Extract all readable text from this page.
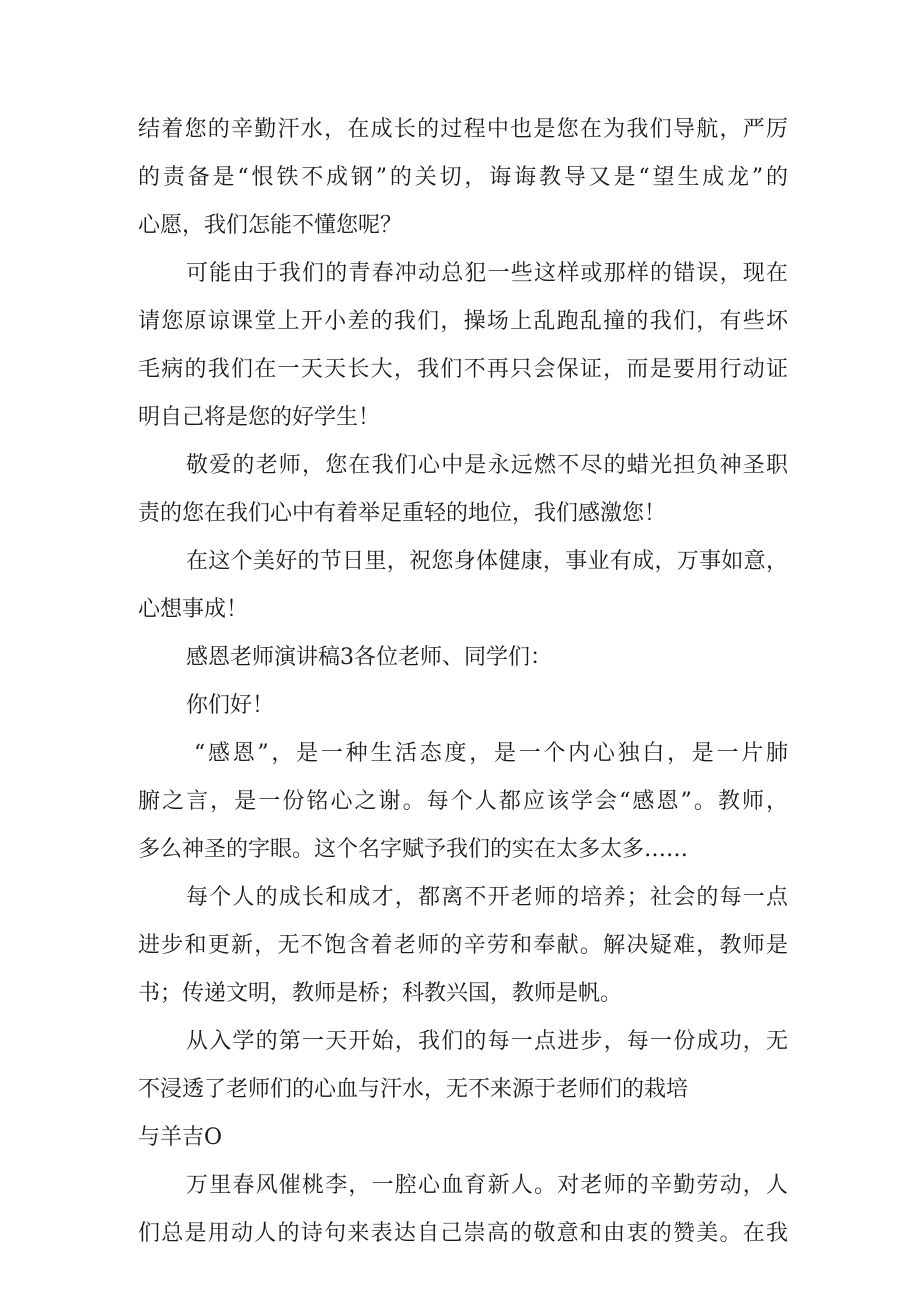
结着您的辛勤汗水，在成长的过程中也是您在为我们导航，严厉
的责备是“恨铁不成钢”的关切，诲诲教导又是“望生成龙”的
心愿，我们怎能不懂您呢？
可能由于我们的青春冲动总犯一些这样或那样的错误，现在
请您原谅课堂上开小差的我们，操场上乱跑乱撞的我们，有些坏
毛病的我们在一天天长大，我们不再只会保证，而是要用行动证
明自己将是您的好学生！
敬爱的老师，您在我们心中是永远燃不尽的蜡光担负神圣职
责的您在我们心中有着举足重轻的地位，我们感激您！
在这个美好的节日里，祝您身体健康，事业有成，万事如意，
心想事成！
感恩老师演讲稿3各位老师、同学们：
你们好！
“感恩”，是一种生活态度，是一个内心独白，是一片肺
腑之言，是一份铭心之谢。每个人都应该学会“感恩”。教师，
多么神圣的字眼。这个名字赋予我们的实在太多太多……
每个人的成长和成才，都离不开老师的培养；社会的每一点
进步和更新，无不饱含着老师的辛劳和奉献。解决疑难，教师是
书；传递文明，教师是桥；科教兴国，教师是帆。
从入学的第一天开始，我们的每一点进步，每一份成功，无
不浸透了老师们的心血与汗水，无不来源于老师们的栽培
与羊吉O
万里春风催桃李，一腔心血育新人。对老师的辛勤劳动，人
们总是用动人的诗句来表达自己崇高的敬意和由衷的赞美。在我
